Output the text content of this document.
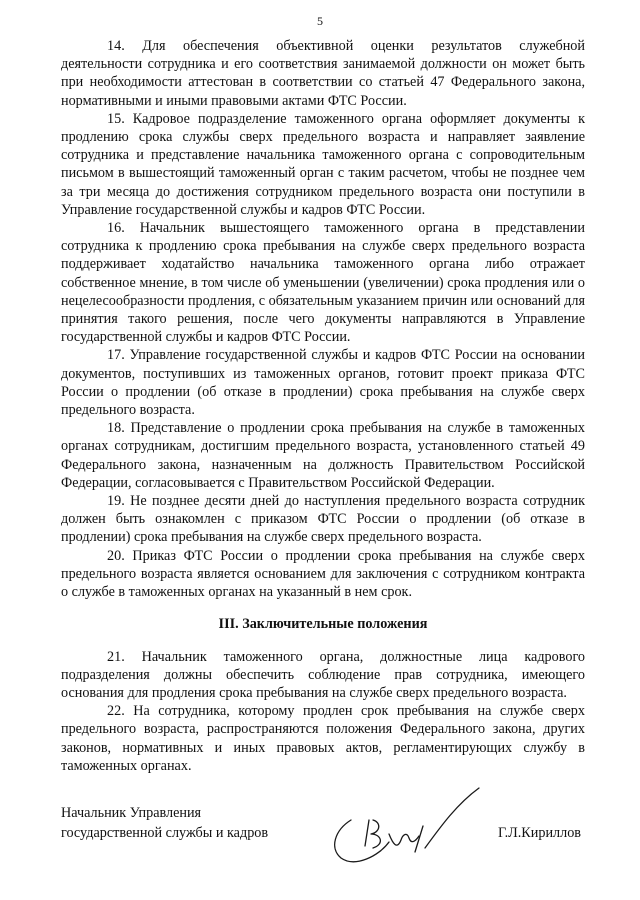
5

14. Для обеспечения объективной оценки результатов служебной деятельности сотрудника и его соответствия занимаемой должности он может быть при необходимости аттестован в соответствии со статьей 47 Федерального закона, нормативными и иными правовыми актами ФТС России.

15. Кадровое подразделение таможенного органа оформляет документы к продлению срока службы сверх предельного возраста и направляет заявление сотрудника и представление начальника таможенного органа с сопроводительным письмом в вышестоящий таможенный орган с таким расчетом, чтобы не позднее чем за три месяца до достижения сотрудником предельного возраста они поступили в Управление государственной службы и кадров ФТС России.

16. Начальник вышестоящего таможенного органа в представлении сотрудника к продлению срока пребывания на службе сверх предельного возраста поддерживает ходатайство начальника таможенного органа либо отражает собственное мнение, в том числе об уменьшении (увеличении) срока продления или о нецелесообразности продления, с обязательным указанием причин или оснований для принятия такого решения, после чего документы направляются в Управление государственной службы и кадров ФТС России.

17. Управление государственной службы и кадров ФТС России на основании документов, поступивших из таможенных органов, готовит проект приказа ФТС России о продлении (об отказе в продлении) срока пребывания на службе сверх предельного возраста.

18. Представление о продлении срока пребывания на службе в таможенных органах сотрудникам, достигшим предельного возраста, установленного статьей 49 Федерального закона, назначенным на должность Правительством Российской Федерации, согласовывается с Правительством Российской Федерации.

19. Не позднее десяти дней до наступления предельного возраста сотрудник должен быть ознакомлен с приказом ФТС России о продлении (об отказе в продлении) срока пребывания на службе сверх предельного возраста.

20. Приказ ФТС России о продлении срока пребывания на службе сверх предельного возраста является основанием для заключения с сотрудником контракта о службе в таможенных органах на указанный в нем срок.

III. Заключительные положения

21. Начальник таможенного органа, должностные лица кадрового подразделения должны обеспечить соблюдение прав сотрудника, имеющего основания для продления срока пребывания на службе сверх предельного возраста.

22. На сотрудника, которому продлен срок пребывания на службе сверх предельного возраста, распространяются положения Федерального закона, других законов, нормативных и иных правовых актов, регламентирующих службу в таможенных органах.

Начальник Управления
государственной службы и кадров	Г.Л.Кириллов
